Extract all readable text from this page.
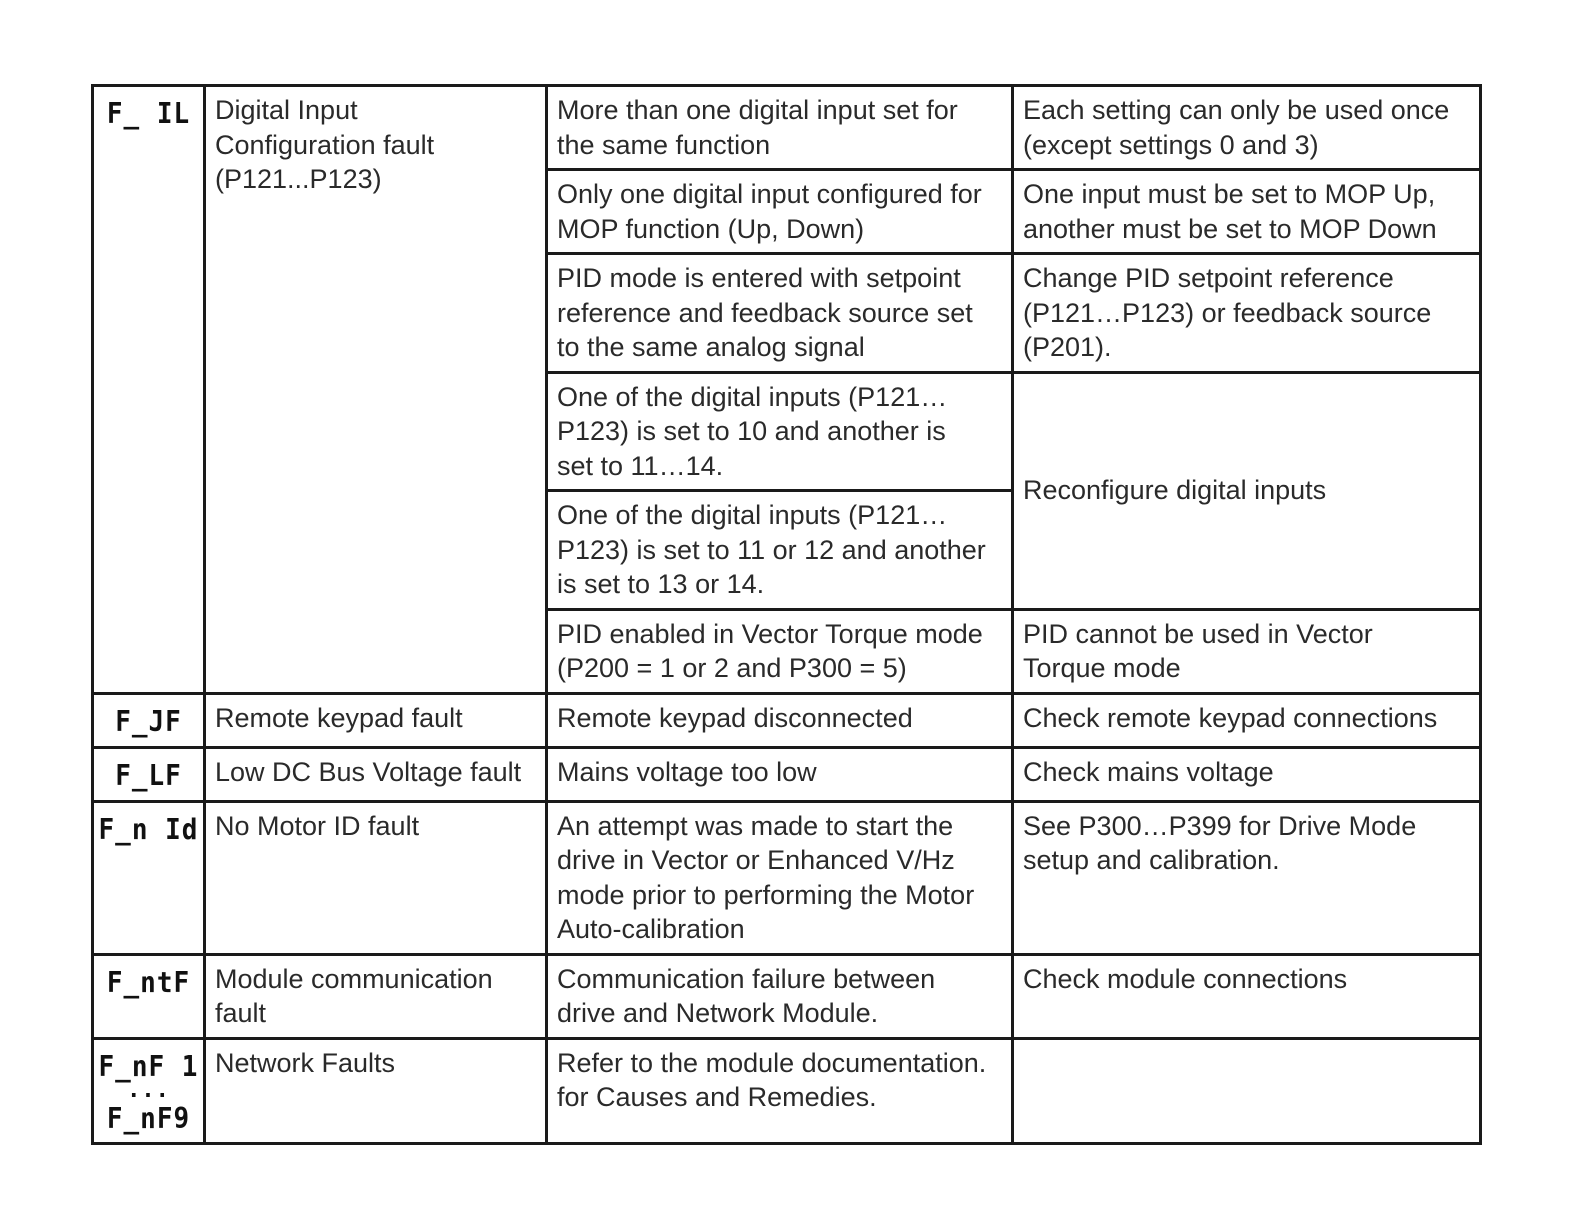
F_ IL	Digital Input
Configuration fault
(P121...P123)	More than one digital input set for
the same function	Each setting can only be used once
(except settings 0 and 3)

		Only one digital input configured for
MOP function (Up, Down)	One input must be set to MOP Up,
another must be set to MOP Down

		PID mode is entered with setpoint
reference and feedback source set
to the same analog signal	Change PID setpoint reference
(P121…P123) or feedback source
(P201).

		One of the digital inputs (P121…
P123) is set to 10 and another is
set to 11…14.	Reconfigure digital inputs

		One of the digital inputs (P121…
P123) is set to 11 or 12 and another
is set to 13 or 14.	

		PID enabled in Vector Torque mode
(P200 = 1 or 2 and P300 = 5)	PID cannot be used in Vector
Torque mode

F_JF	Remote keypad fault	Remote keypad disconnected	Check remote keypad connections

F_LF	Low DC Bus Voltage fault	Mains voltage too low	Check mains voltage

F_n Id	No Motor ID fault	An attempt was made to start the
drive in Vector or Enhanced V/Hz
mode prior to performing the Motor
Auto-calibration	See P300…P399 for Drive Mode
setup and calibration.

F_ntF	Module communication
fault	Communication failure between
drive and Network Module.	Check module connections

F_nF 1
...
F_nF9	Network Faults	Refer to the module documentation.
for Causes and Remedies.	
